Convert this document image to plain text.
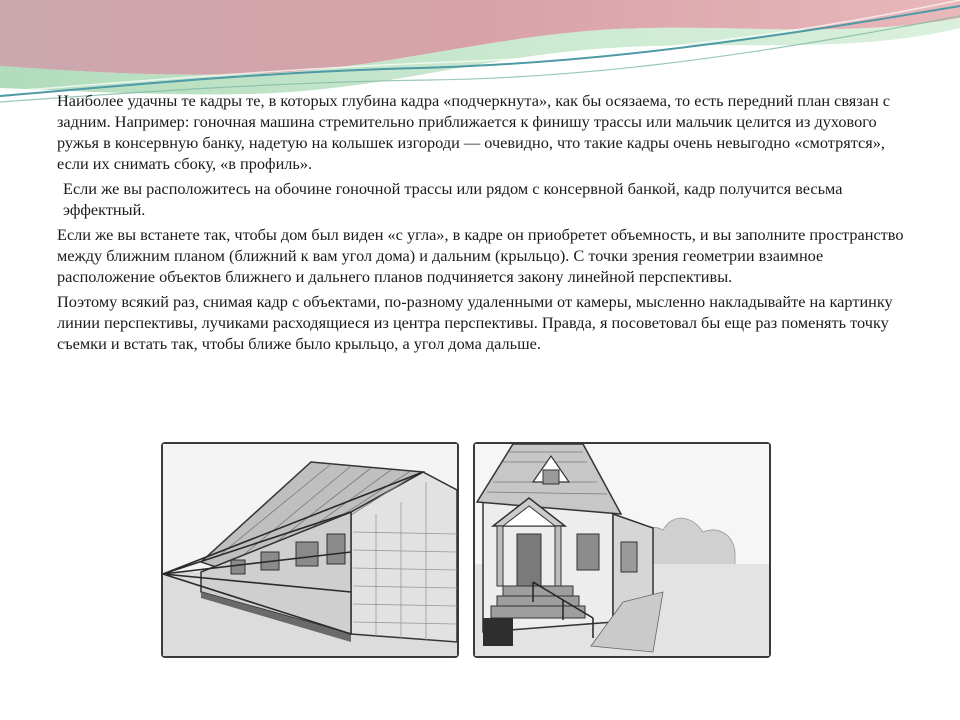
Наиболее удачны те кадры те, в которых глубина кадра «подчеркнута», как бы осязаема, то есть передний план связан с задним. Например: гоночная машина стремительно приближается к финишу трассы или мальчик целится из духового ружья в консервную банку, надетую на колышек изгороди — очевидно, что такие кадры очень невыгодно «смотрятся», если их снимать сбоку, «в профиль».

Если же вы расположитесь на обочине гоночной трассы или рядом с консервной банкой, кадр получится весьма эффектный.

Если же вы встанете так, чтобы дом был виден «с угла», в кадре он приобретет объемность, и вы заполните пространство между ближним планом (ближний к вам угол дома) и дальним (крыльцо). С точки зрения геометрии взаимное расположение объектов ближнего и дальнего планов подчиняется закону линейной перспективы.

Поэтому всякий раз, снимая кадр с объектами, по-разному удаленными от камеры, мысленно накладывайте на картинку линии перспективы, лучиками расходящиеся из центра перспективы. Правда, я посоветовал бы еще раз поменять точку съемки и встать так, чтобы ближе было крыльцо, а угол дома дальше.
